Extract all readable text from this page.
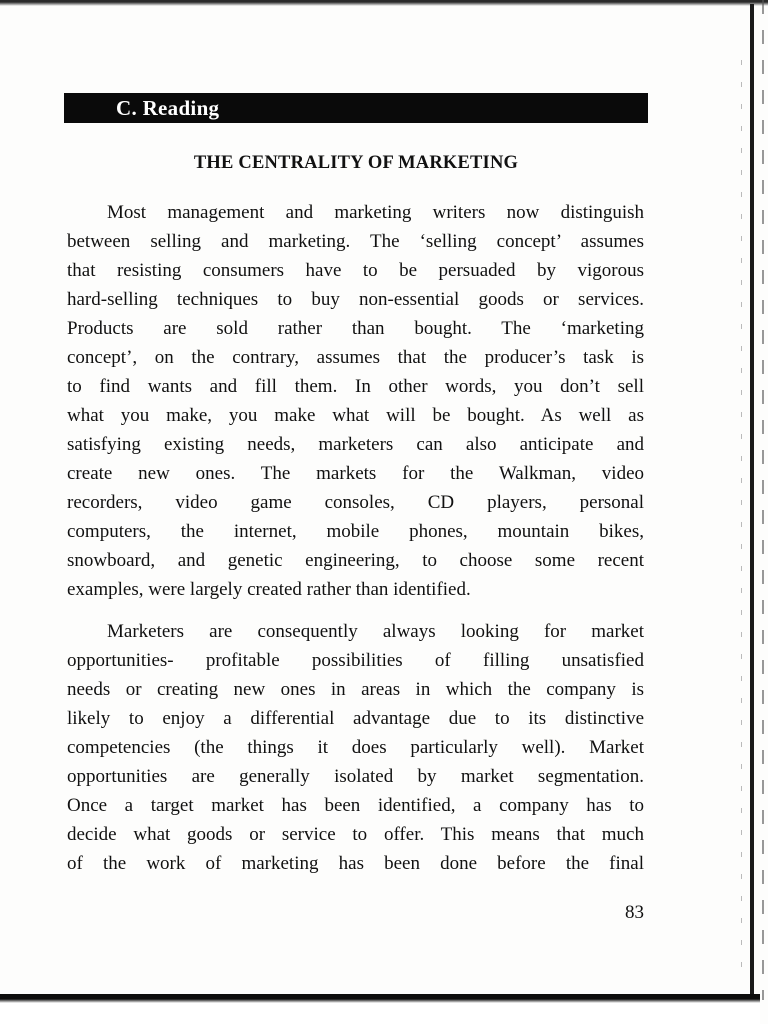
C. Reading
THE CENTRALITY OF MARKETING
Most management and marketing writers now distinguish
between selling and marketing. The ‘selling concept’ assumes
that resisting consumers have to be persuaded by vigorous
hard-selling techniques to buy non-essential goods or services.
Products are sold rather than bought. The ‘marketing
concept’, on the contrary, assumes that the producer’s task is
to find wants and fill them. In other words, you don’t sell
what you make, you make what will be bought. As well as
satisfying existing needs, marketers can also anticipate and
create new ones. The markets for the Walkman, video
recorders, video game consoles, CD players, personal
computers, the internet, mobile phones, mountain bikes,
snowboard, and genetic engineering, to choose some recent
examples, were largely created rather than identified.
Marketers are consequently always looking for market
opportunities- profitable possibilities of filling unsatisfied
needs or creating new ones in areas in which the company is
likely to enjoy a differential advantage due to its distinctive
competencies (the things it does particularly well). Market
opportunities are generally isolated by market segmentation.
Once a target market has been identified, a company has to
decide what goods or service to offer. This means that much
of the work of marketing has been done before the final
83
